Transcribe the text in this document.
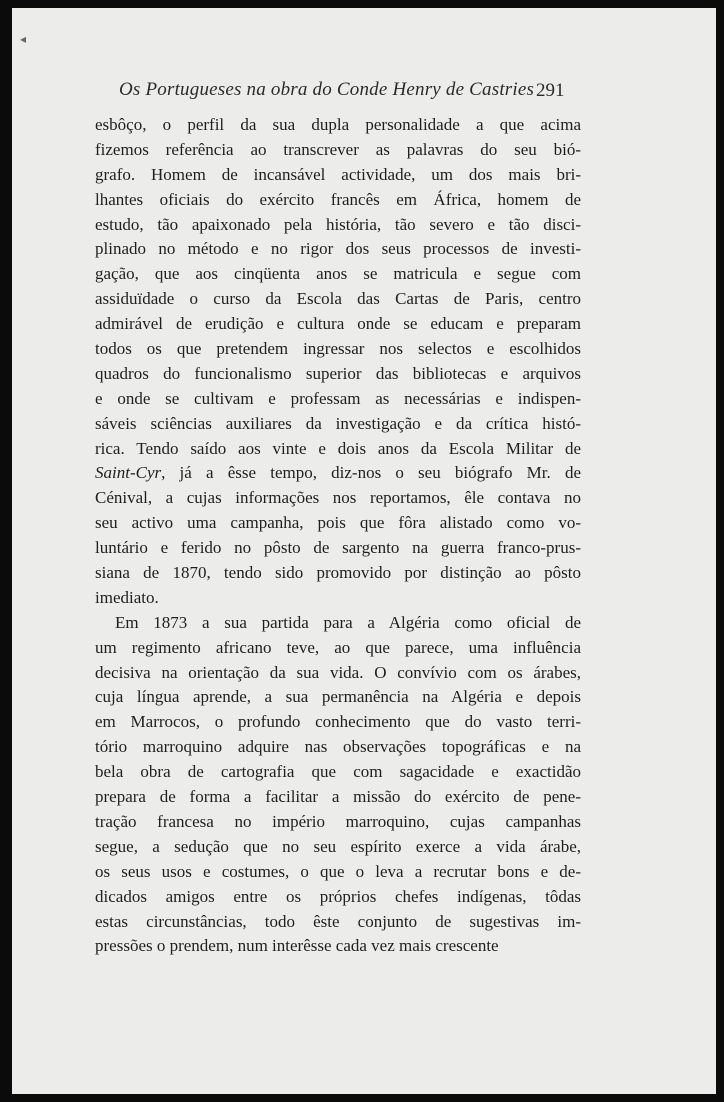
◂
Os Portugueses na obra do Conde Henry de Castries 291
esbôço, o perfil da sua dupla personalidade a que acima
fizemos referência ao transcrever as palavras do seu bió-
grafo. Homem de incansável actividade, um dos mais bri-
lhantes oficiais do exército francês em África, homem de
estudo, tão apaixonado pela história, tão severo e tão disci-
plinado no método e no rigor dos seus processos de investi-
gação, que aos cinqüenta anos se matricula e segue com
assiduïdade o curso da Escola das Cartas de Paris, centro
admirável de erudição e cultura onde se educam e preparam
todos os que pretendem ingressar nos selectos e escolhidos
quadros do funcionalismo superior das bibliotecas e arquivos
e onde se cultivam e professam as necessárias e indispen-
sáveis sciências auxiliares da investigação e da crítica histó-
rica. Tendo saído aos vinte e dois anos da Escola Militar de
Saint-Cyr, já a êsse tempo, diz-nos o seu biógrafo Mr. de
Cénival, a cujas informações nos reportamos, êle contava no
seu activo uma campanha, pois que fôra alistado como vo-
luntário e ferido no pôsto de sargento na guerra franco-prus-
siana de 1870, tendo sido promovido por distinção ao pôsto
imediato.
Em 1873 a sua partida para a Algéria como oficial de
um regimento africano teve, ao que parece, uma influência
decisiva na orientação da sua vida. O convívio com os árabes,
cuja língua aprende, a sua permanência na Algéria e depois
em Marrocos, o profundo conhecimento que do vasto terri-
tório marroquino adquire nas observações topográficas e na
bela obra de cartografia que com sagacidade e exactidão
prepara de forma a facilitar a missão do exército de pene-
tração francesa no império marroquino, cujas campanhas
segue, a sedução que no seu espírito exerce a vida árabe,
os seus usos e costumes, o que o leva a recrutar bons e de-
dicados amigos entre os próprios chefes indígenas, tôdas
estas circunstâncias, todo êste conjunto de sugestivas im-
pressões o prendem, num interêsse cada vez mais crescente
